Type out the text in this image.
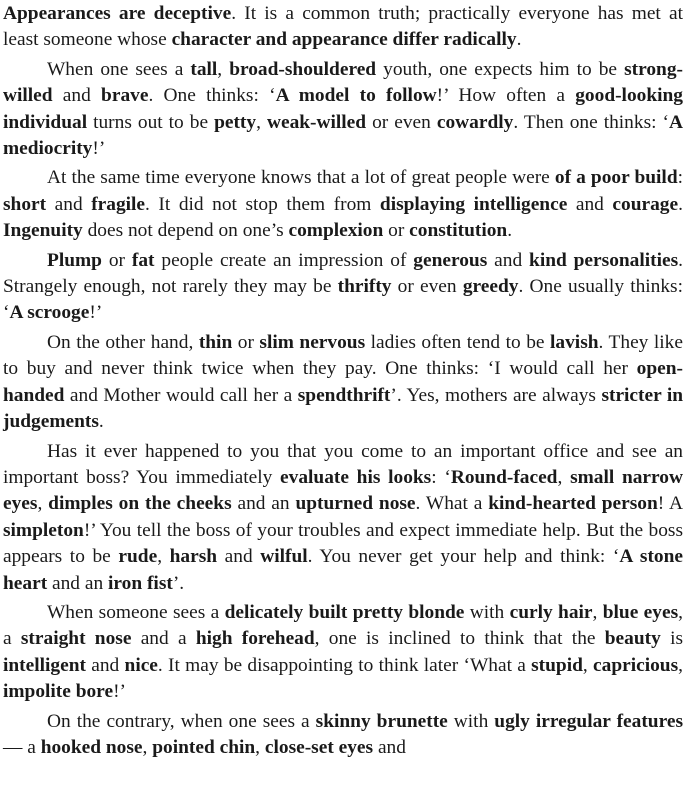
Appearances are deceptive. It is a common truth; practically everyone has met at least someone whose character and appearance differ radically.

When one sees a tall, broad-shouldered youth, one expects him to be strong-willed and brave. One thinks: ‘A model to follow!’ How often a good-looking individual turns out to be petty, weak-willed or even cowardly. Then one thinks: ‘A mediocrity!’

At the same time everyone knows that a lot of great people were of a poor build: short and fragile. It did not stop them from displaying intelligence and courage. Ingenuity does not depend on one’s complexion or constitution.

Plump or fat people create an impression of generous and kind personalities. Strangely enough, not rarely they may be thrifty or even greedy. One usually thinks: ‘A scrooge!’

On the other hand, thin or slim nervous ladies often tend to be lavish. They like to buy and never think twice when they pay. One thinks: ‘I would call her open-handed and Mother would call her a spendthrift’. Yes, mothers are always stricter in judgements.

Has it ever happened to you that you come to an important office and see an important boss? You immediately evaluate his looks: ‘Round-faced, small narrow eyes, dimples on the cheeks and an upturned nose. What a kind-hearted person! A simpleton!’ You tell the boss of your troubles and expect immediate help. But the boss appears to be rude, harsh and wilful. You never get your help and think: ‘A stone heart and an iron fist’.

When someone sees a delicately built pretty blonde with curly hair, blue eyes, a straight nose and a high forehead, one is inclined to think that the beauty is intelligent and nice. It may be disappointing to think later ‘What a stupid, capricious, impolite bore!’

On the contrary, when one sees a skinny brunette with ugly irregular features — a hooked nose, pointed chin, close-set eyes and
